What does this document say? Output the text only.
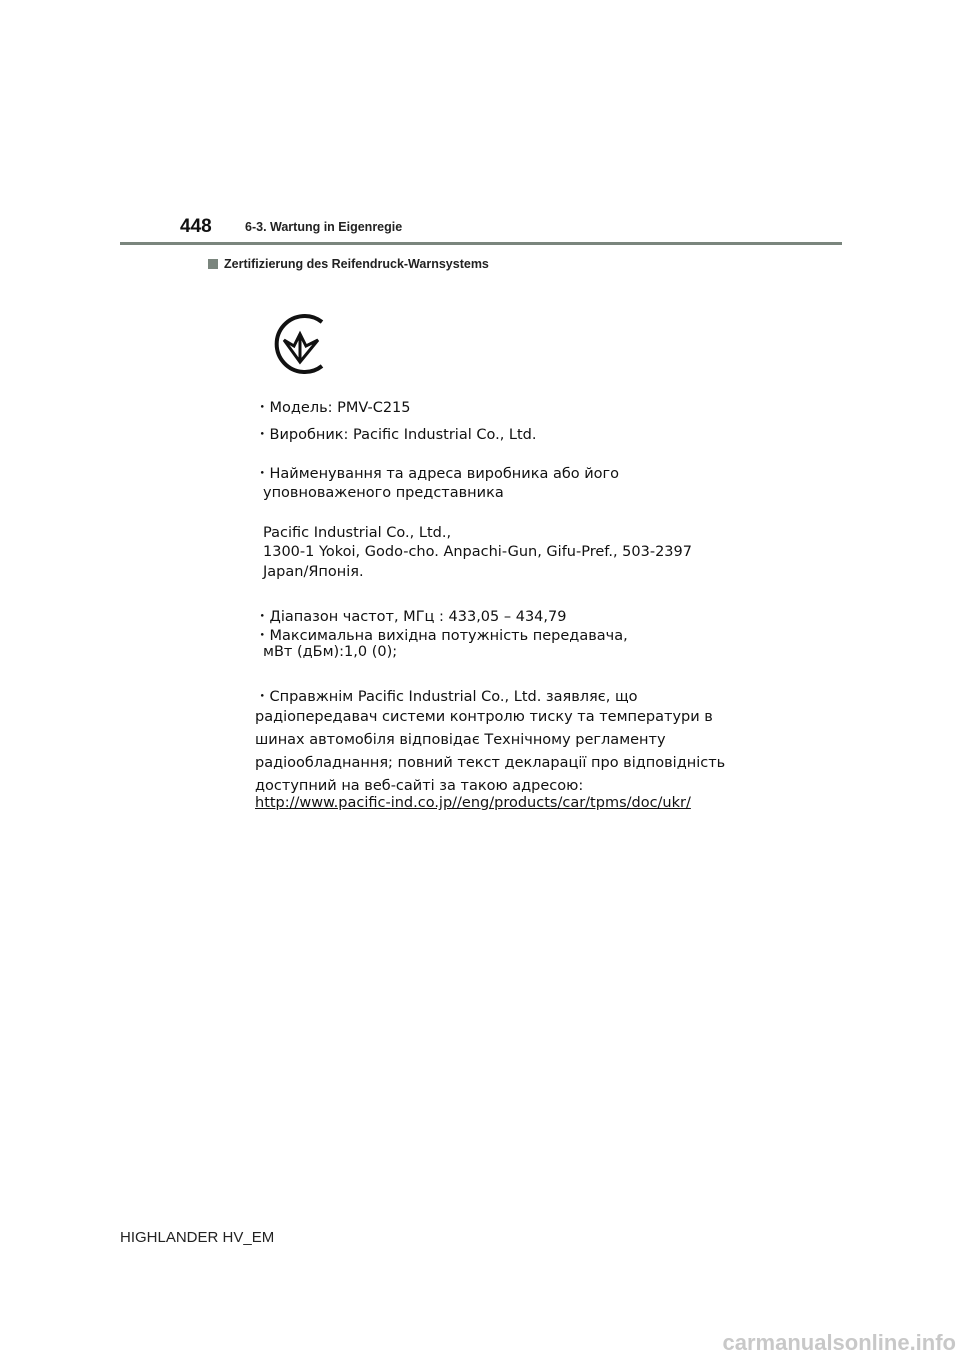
448	6-3. Wartung in Eigenregie
Zertifizierung des Reifendruck-Warnsystems
・Модель: PMV-C215
・Виробник: Pacific Industrial Co., Ltd.
・Найменування та адреса виробника або його
уповноваженого представника
Pacific Industrial Co., Ltd.,
1300-1 Yokoi, Godo-cho. Anpachi-Gun, Gifu-Pref., 503-2397
Japan/Японія.
・Діапазон частот, МГц : 433,05 – 434,79
・Максимальна вихідна потужність передавача,
мВт (дБм):1,0 (0);
・Справжнім Pacific Industrial Co., Ltd. заявляє, що
радіопередавач системи контролю тиску та температури в
шинах автомобіля відповідає Технічному регламенту
радіообладнання; повний текст декларації про відповідність
доступний на веб-сайті за такою адресою:
http://www.pacific-ind.co.jp//eng/products/car/tpms/doc/ukr/
HIGHLANDER HV_EM
carmanualsonline.info
